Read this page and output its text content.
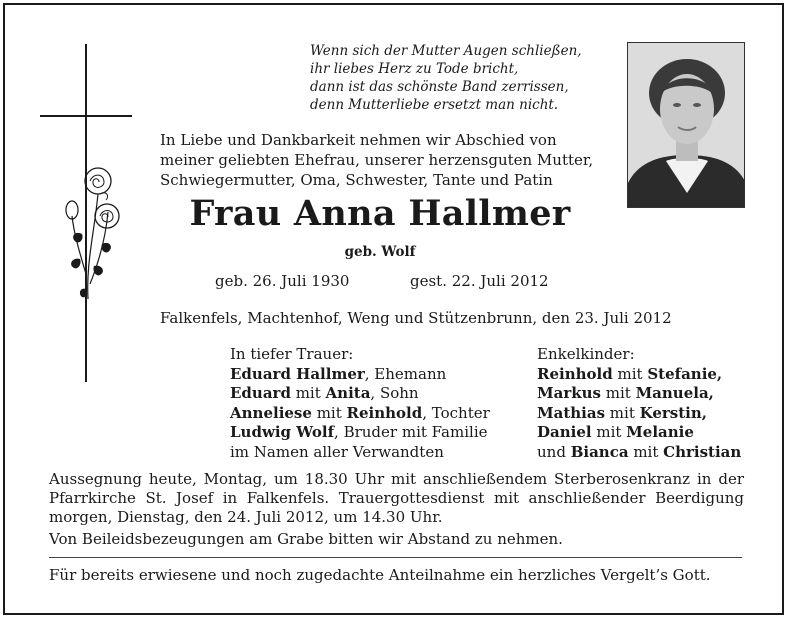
Wenn sich der Mutter Augen schließen,
ihr liebes Herz zu Tode bricht,
dann ist das schönste Band zerrissen,
denn Mutterliebe ersetzt man nicht.
In Liebe und Dankbarkeit nehmen wir Abschied von
meiner geliebten Ehefrau, unserer herzensguten Mutter,
Schwiegermutter, Oma, Schwester, Tante und Patin
Frau Anna Hallmer
geb. Wolf
geb. 26. Juli 1930	gest. 22. Juli 2012
Falkenfels, Machtenhof, Weng und Stützenbrunn, den 23. Juli 2012
In tiefer Trauer:
Eduard Hallmer, Ehemann
Eduard mit Anita, Sohn
Anneliese mit Reinhold, Tochter
Ludwig Wolf, Bruder mit Familie
im Namen aller Verwandten
Enkelkinder:
Reinhold mit Stefanie,
Markus mit Manuela,
Mathias mit Kerstin,
Daniel mit Melanie
und Bianca mit Christian

Aussegnung heute, Montag, um 18.30 Uhr mit anschließendem Sterberosenkranz in der Pfarrkirche St. Josef in Falkenfels. Trauergottesdienst mit anschließender Beerdigung morgen, Dienstag, den 24. Juli 2012, um 14.30 Uhr.

Von Beileidsbezeugungen am Grabe bitten wir Abstand zu nehmen.

Für bereits erwiesene und noch zugedachte Anteilnahme ein herzliches Vergelt’s Gott.
